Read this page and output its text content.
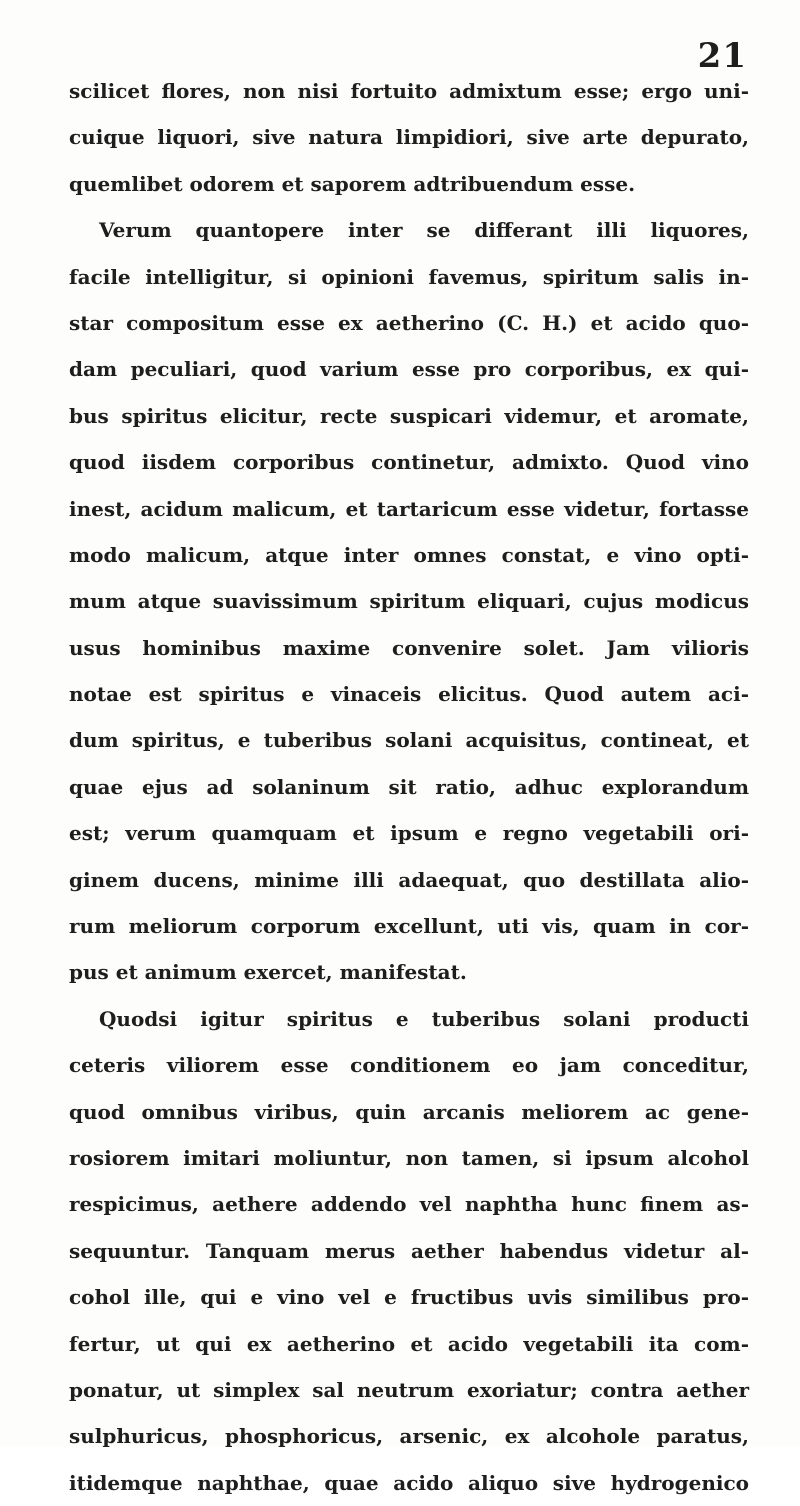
21
scilicet flores, non nisi fortuito admixtum esse; ergo uni-
cuique liquori, sive natura limpidiori, sive arte depurato,
quemlibet odorem et saporem adtribuendum esse.
Verum quantopere inter se differant illi liquores,
facile intelligitur, si opinioni favemus, spiritum salis in-
star compositum esse ex aetherino (C. H.) et acido quo-
dam peculiari, quod varium esse pro corporibus, ex qui-
bus spiritus elicitur, recte suspicari videmur, et aromate,
quod iisdem corporibus continetur, admixto. Quod vino
inest, acidum malicum, et tartaricum esse videtur, fortasse
modo malicum, atque inter omnes constat, e vino opti-
mum atque suavissimum spiritum eliquari, cujus modicus
usus hominibus maxime convenire solet. Jam vilioris
notae est spiritus e vinaceis elicitus. Quod autem aci-
dum spiritus, e tuberibus solani acquisitus, contineat, et
quae ejus ad solaninum sit ratio, adhuc explorandum
est; verum quamquam et ipsum e regno vegetabili ori-
ginem ducens, minime illi adaequat, quo destillata alio-
rum meliorum corporum excellunt, uti vis, quam in cor-
pus et animum exercet, manifestat.
Quodsi igitur spiritus e tuberibus solani producti
ceteris viliorem esse conditionem eo jam conceditur,
quod omnibus viribus, quin arcanis meliorem ac gene-
rosiorem imitari moliuntur, non tamen, si ipsum alcohol
respicimus, aethere addendo vel naphtha hunc finem as-
sequuntur. Tanquam merus aether habendus videtur al-
cohol ille, qui e vino vel e fructibus uvis similibus pro-
fertur, ut qui ex aetherino et acido vegetabili ita com-
ponatur, ut simplex sal neutrum exoriatur; contra aether
sulphuricus, phosphoricus, arsenic, ex alcohole paratus,
itidemque naphthae, quae acido aliquo sive hydrogenico
